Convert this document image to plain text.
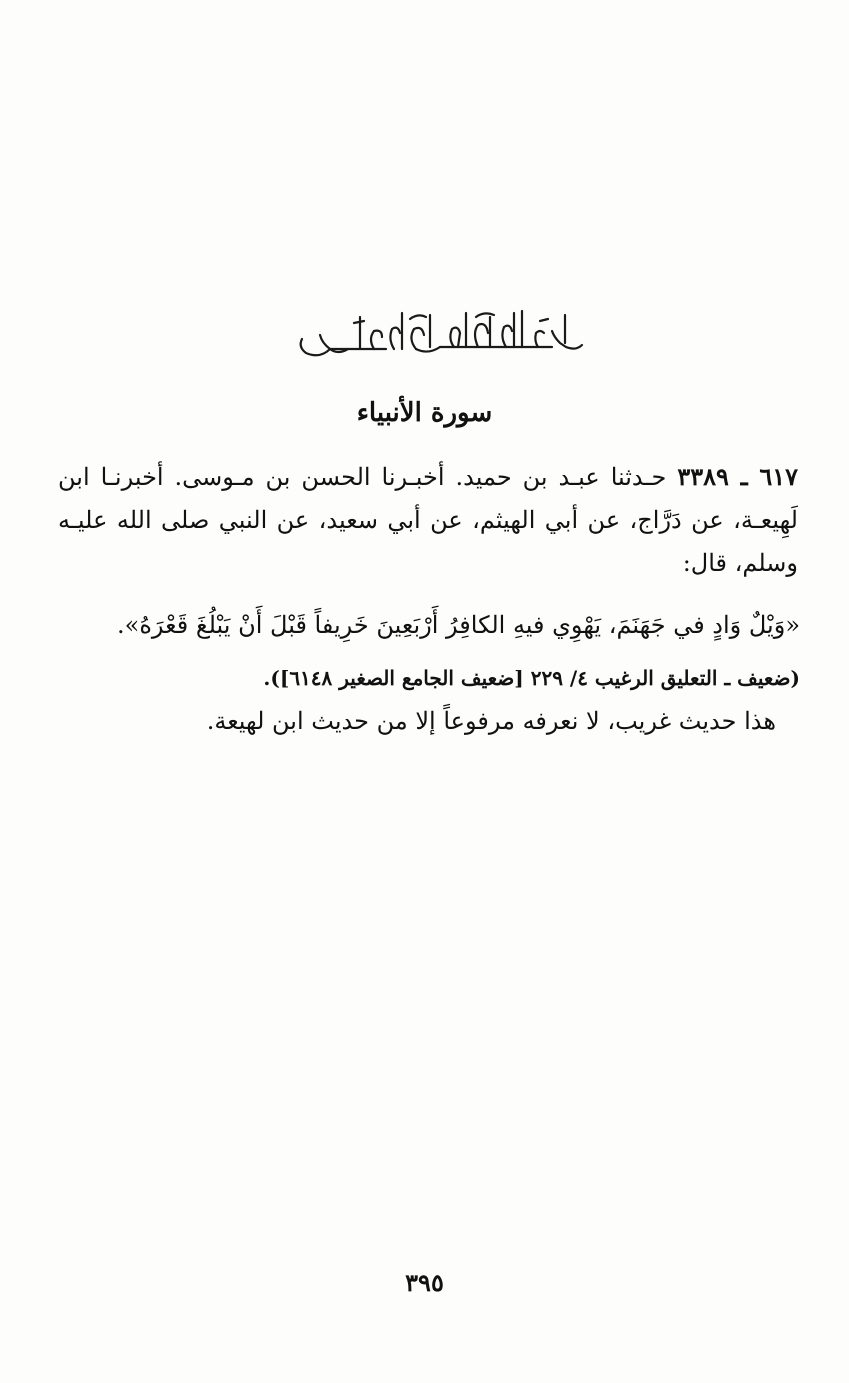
سورة الأنبياء
٦١٧ ـ ٣٣٨٩ حـدثنا عبـد بن حميد. أخبـرنا الحسن بن مـوسى. أخبرنـا ابن لَهِيعـة، عن دَرَّاج، عن أبي الهيثم، عن أبي سعيد، عن النبي صلى الله عليـه وسلم، قال:
«وَيْلٌ وَادٍ في جَهَنَمَ، يَهْوِي فيهِ الكافِرُ أَرْبَعِينَ خَرِيفاً قَبْلَ أَنْ يَبْلُغَ قَعْرَهُ».
(ضعيف ـ التعليق الرغيب ٤/ ٢٢٩ [ضعيف الجامع الصغير ٦١٤٨]).
هذا حديث غريب، لا نعرفه مرفوعاً إلا من حديث ابن لهيعة.
٣٩٥
